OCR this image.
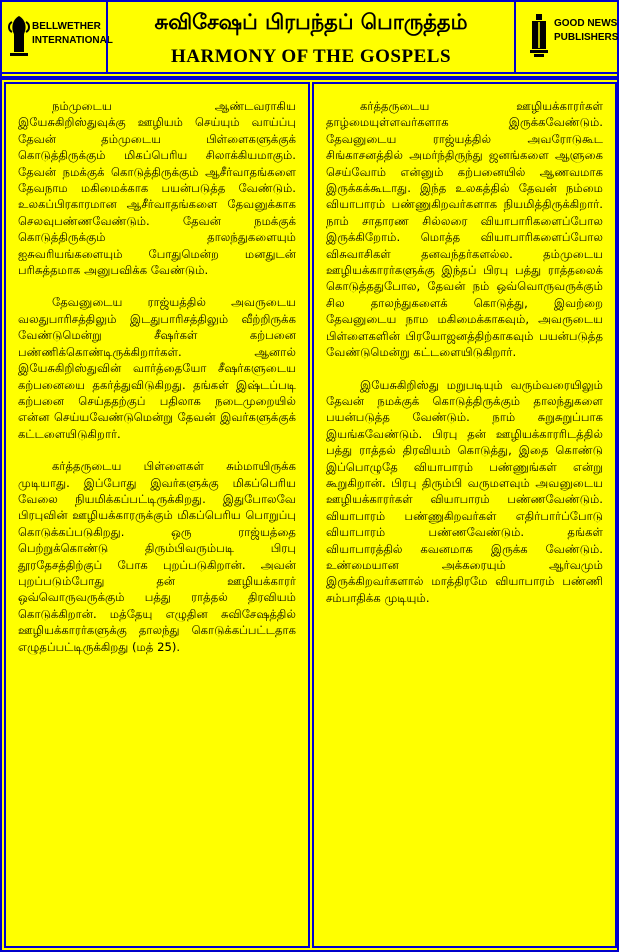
BELLWETHER
INTERNATIONAL
சுவிசேஷப் பிரபந்தப் பொருத்தம்
HARMONY OF THE GOSPELS
GOOD NEWS
PUBLISHERS

நம்முடைய ஆண்டவராகிய இயேசுகிறிஸ்துவுக்கு ஊழியம் செய்யும் வாய்ப்பு தேவன் தம்முடைய பிள்ளைகளுக்குக் கொடுத்திருக்கும் மிகப்பெரிய சிலாக்கியமாகும். தேவன் நமக்குக் கொடுத்திருக்கும் ஆசீர்வாதங்களை தேவநாம மகிமைக்காக பயன்படுத்த வேண்டும். உலகப்பிரகாரமான ஆசீர்வாதங்களை தேவனுக்காக செலவுபண்ணவேண்டும். தேவன் நமக்குக் கொடுத்திருக்கும் தாலந்துகளையும் ஐசுவரியங்களையும் போதுமென்ற மனதுடன் பரிசுத்தமாக அனுபவிக்க வேண்டும்.

தேவனுடைய ராஜ்யத்தில் அவருடைய வலதுபாரிசத்திலும் இடதுபாரிசத்திலும் வீற்றிருக்க வேண்டுமென்று சீஷர்கள் கற்பனை பண்ணிக்கொண்டிருக்கிறார்கள். ஆனால் இயேசுகிறிஸ்துவின் வார்த்தையோ சீஷர்களுடைய கற்பனையை தகர்த்துவிடுகிறது. தங்கள் இஷ்டப்படி கற்பனை செய்ததற்குப் பதிலாக நடைமுறையில் என்ன செய்யவேண்டுமென்று தேவன் இவர்களுக்குக் கட்டளையிடுகிறார்.

கர்த்தருடைய பிள்ளைகள் சும்மாயிருக்க முடியாது. இப்போது இவர்களுக்கு மிகப்பெரிய வேலை நியமிக்கப்பட்டிருக்கிறது. இதுபோலவே பிரபுவின் ஊழியக்காரருக்கும் மிகப்பெரிய பொறுப்பு கொடுக்கப்படுகிறது. ஒரு ராஜ்யத்தை பெற்றுக்கொண்டு திரும்பிவரும்படி பிரபு தூரதேசத்திற்குப் போக புறப்படுகிறான். அவன் புறப்படும்போது தன் ஊழியக்காரர் ஒவ்வொருவருக்கும் பத்து ராத்தல் திரவியம் கொடுக்கிறான். மத்தேயு எழுதின சுவிசேஷத்தில் ஊழியக்காரர்களுக்கு தாலந்து கொடுக்கப்பட்டதாக எழுதப்பட்டிருக்கிறது (மத் 25).

கர்த்தருடைய ஊழியக்காரர்கள் தாழ்மையுள்ளவர்களாக இருக்கவேண்டும். தேவனுடைய ராஜ்யத்தில் அவரோடுகூட சிங்காசனத்தில் அமர்ந்திருந்து ஜனங்களை ஆளுகை செய்வோம் என்னும் கற்பனையில் ஆணவமாக இருக்கக்கூடாது. இந்த உலகத்தில் தேவன் நம்மை வியாபாரம் பண்ணுகிறவர்களாக நியமித்திருக்கிறார். நாம் சாதாரண சில்லரை வியாபாரிகளைப்போல இருக்கிறோம். மொத்த வியாபாரிகளைப்போல விசுவாசிகள் தனவந்தர்களல்ல. தம்முடைய ஊழியக்காரர்களுக்கு இந்தப் பிரபு பத்து ராத்தலைக் கொடுத்ததுபோல, தேவன் நம் ஒவ்வொருவருக்கும் சில தாலந்துகளைக் கொடுத்து, இவற்றை தேவனுடைய நாம மகிமைக்காகவும், அவருடைய பிள்ளைகளின் பிரயோஜனத்திற்காகவும் பயன்படுத்த வேண்டுமென்று கட்டளையிடுகிறார்.

இயேசுகிறிஸ்து மறுபடியும் வரும்வரையிலும் தேவன் நமக்குக் கொடுத்திருக்கும் தாலந்துகளை பயன்படுத்த வேண்டும். நாம் சுறுசுறுப்பாக இயங்கவேண்டும். பிரபு தன் ஊழியக்காரரிடத்தில் பத்து ராத்தல் திரவியம் கொடுத்து, இதை கொண்டு இப்பொழுதே வியாபாரம் பண்ணுங்கள் என்று கூறுகிறான். பிரபு திரும்பி வருமளவும் அவனுடைய ஊழியக்காரர்கள் வியாபாரம் பண்ணவேண்டும். வியாபாரம் பண்ணுகிறவர்கள் எதிர்பார்ப்போடு வியாபாரம் பண்ணவேண்டும். தங்கள் வியாபாரத்தில் கவனமாக இருக்க வேண்டும். உண்மையான அக்கரையும் ஆர்வமும் இருக்கிறவர்களால் மாத்திரமே வியாபாரம் பண்ணி சம்பாதிக்க முடியும்.
